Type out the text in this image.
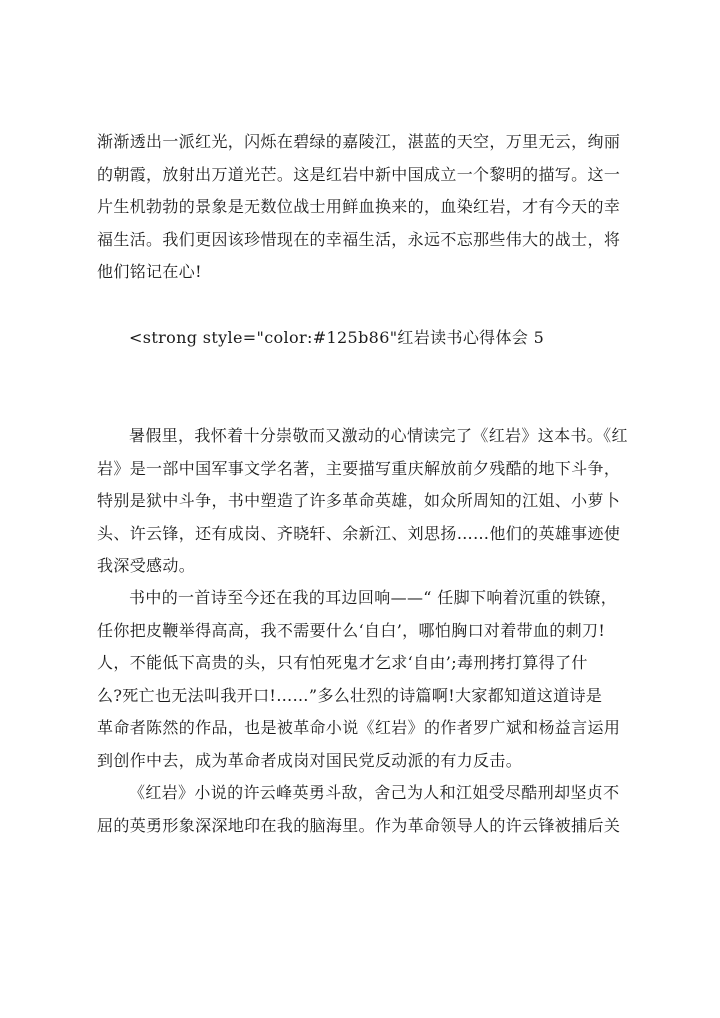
渐渐透出一派红光，闪烁在碧绿的嘉陵江，湛蓝的天空，万里无云，绚丽
的朝霞，放射出万道光芒。这是红岩中新中国成立一个黎明的描写。这一
片生机勃勃的景象是无数位战士用鲜血换来的，血染红岩，才有今天的幸
福生活。我们更因该珍惜现在的幸福生活，永远不忘那些伟大的战士，将
他们铭记在心!
<strong style="color:#125b86"红岩读书心得体会 5
暑假里，我怀着十分崇敬而又激动的心情读完了《红岩》这本书。《红
岩》是一部中国军事文学名著，主要描写重庆解放前夕残酷的地下斗争，
特别是狱中斗争，书中塑造了许多革命英雄，如众所周知的江姐、小萝卜
头、许云锋，还有成岗、齐晓轩、余新江、刘思扬……他们的英雄事迹使
我深受感动。
书中的一首诗至今还在我的耳边回响——“ 任脚下响着沉重的铁镣，
任你把皮鞭举得高高，我不需要什么‘自白’，哪怕胸口对着带血的刺刀!
人，不能低下高贵的头，只有怕死鬼才乞求‘自由’;毒刑拷打算得了什
么?死亡也无法叫我开口!……”多么壮烈的诗篇啊!大家都知道这道诗是
革命者陈然的作品，也是被革命小说《红岩》的作者罗广斌和杨益言运用
到创作中去，成为革命者成岗对国民党反动派的有力反击。
《红岩》小说的许云峰英勇斗敌，舍己为人和江姐受尽酷刑却坚贞不
屈的英勇形象深深地印在我的脑海里。作为革命领导人的许云锋被捕后关
